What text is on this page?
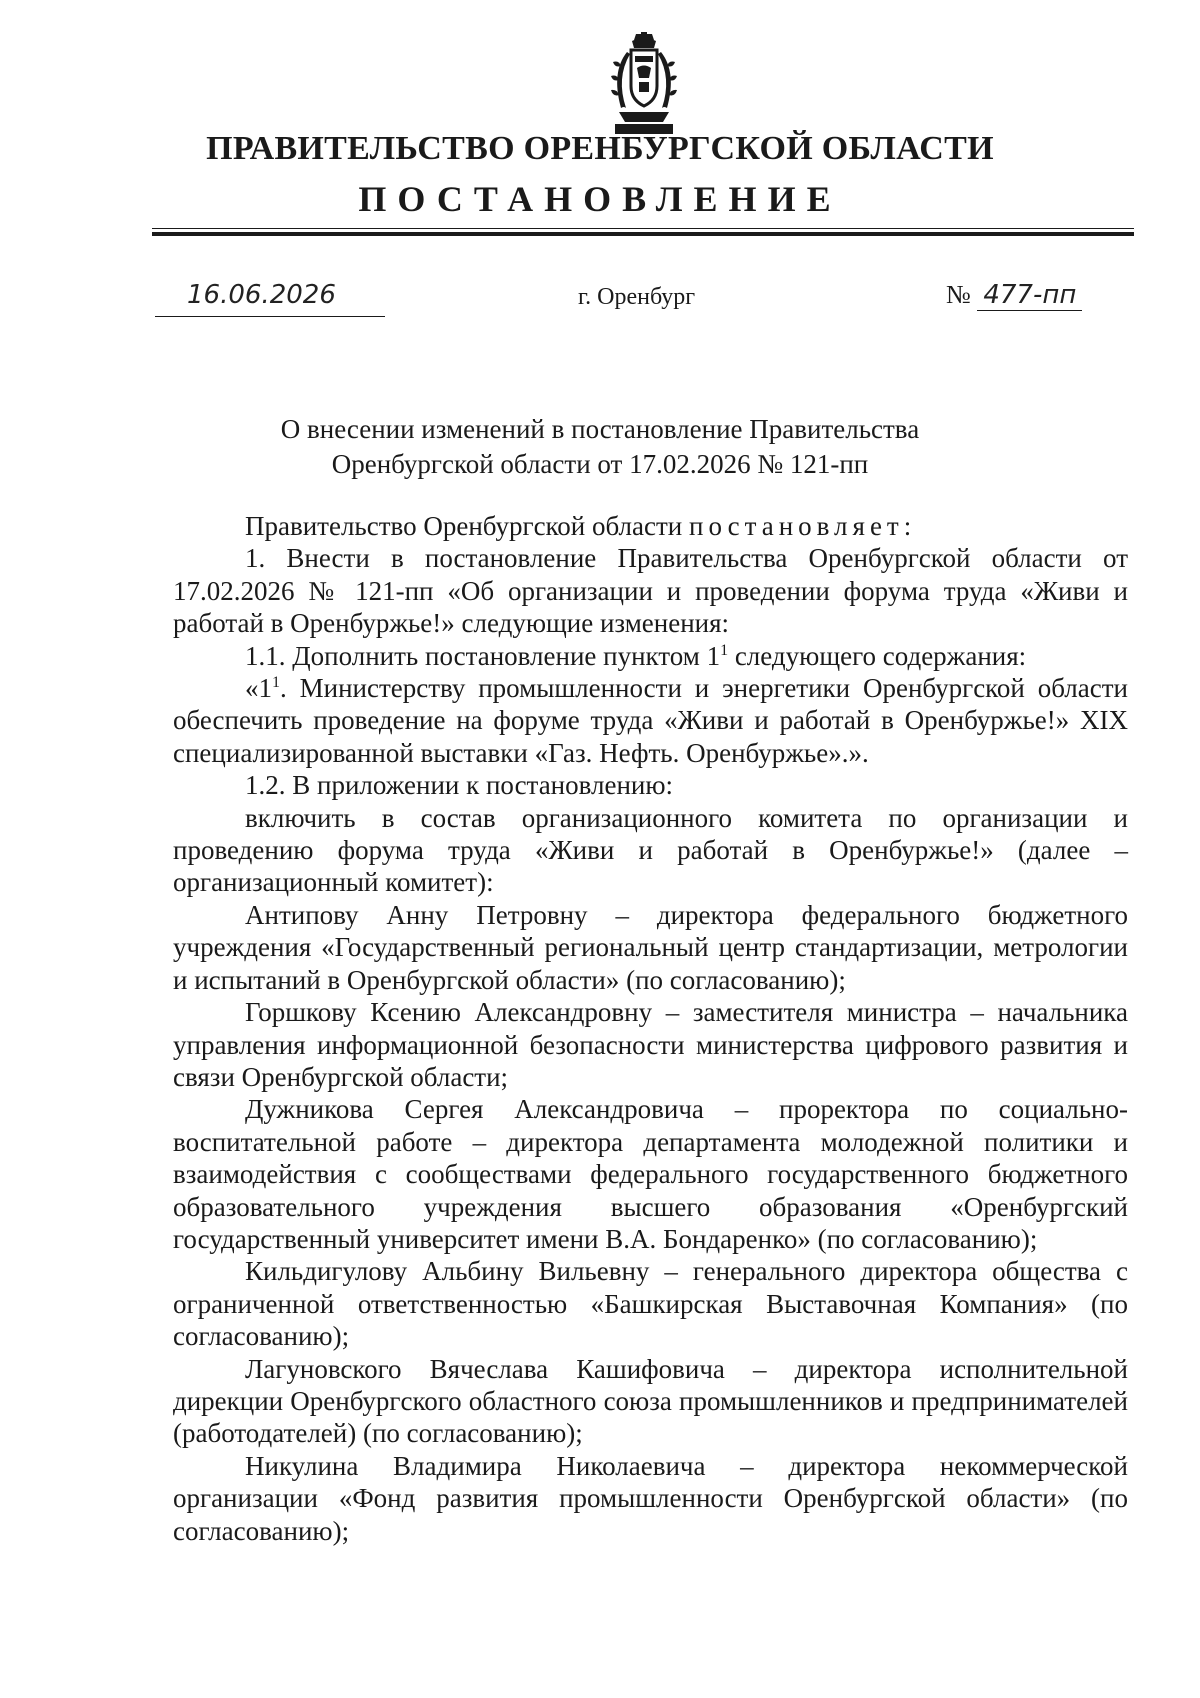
ПРАВИТЕЛЬСТВО ОРЕНБУРГСКОЙ ОБЛАСТИ
ПОСТАНОВЛЕНИЕ
16.06.2026	г. Оренбург	№ 477-пп
О внесении изменений в постановление Правительства
Оренбургской области от 17.02.2026 № 121-пп

Правительство Оренбургской области постановляет:

1. Внести в постановление Правительства Оренбургской области от 17.02.2026 № 121-пп «Об организации и проведении форума труда «Живи и работай в Оренбуржье!» следующие изменения:

1.1. Дополнить постановление пунктом $1^1$ следующего содержания:

«$1^1$. Министерству промышленности и энергетики Оренбургской области обеспечить проведение на форуме труда «Живи и работай в Оренбуржье!» XIX специализированной выставки «Газ. Нефть. Оренбуржье».».

1.2. В приложении к постановлению:

включить в состав организационного комитета по организации и проведению форума труда «Живи и работай в Оренбуржье!» (далее – организационный комитет):

Антипову Анну Петровну – директора федерального бюджетного учреждения «Государственный региональный центр стандартизации, метрологии и испытаний в Оренбургской области» (по согласованию);

Горшкову Ксению Александровну – заместителя министра – начальника управления информационной безопасности министерства цифрового развития и связи Оренбургской области;

Дужникова Сергея Александровича – проректора по социально-воспитательной работе – директора департамента молодежной политики и взаимодействия с сообществами федерального государственного бюджетного образовательного учреждения высшего образования «Оренбургский государственный университет имени В.А. Бондаренко» (по согласованию);

Кильдигулову Альбину Вильевну – генерального директора общества с ограниченной ответственностью «Башкирская Выставочная Компания» (по согласованию);

Лагуновского Вячеслава Кашифовича – директора исполнительной дирекции Оренбургского областного союза промышленников и предпринимателей (работодателей) (по согласованию);

Никулина Владимира Николаевича – директора некоммерческой организации «Фонд развития промышленности Оренбургской области» (по согласованию);
